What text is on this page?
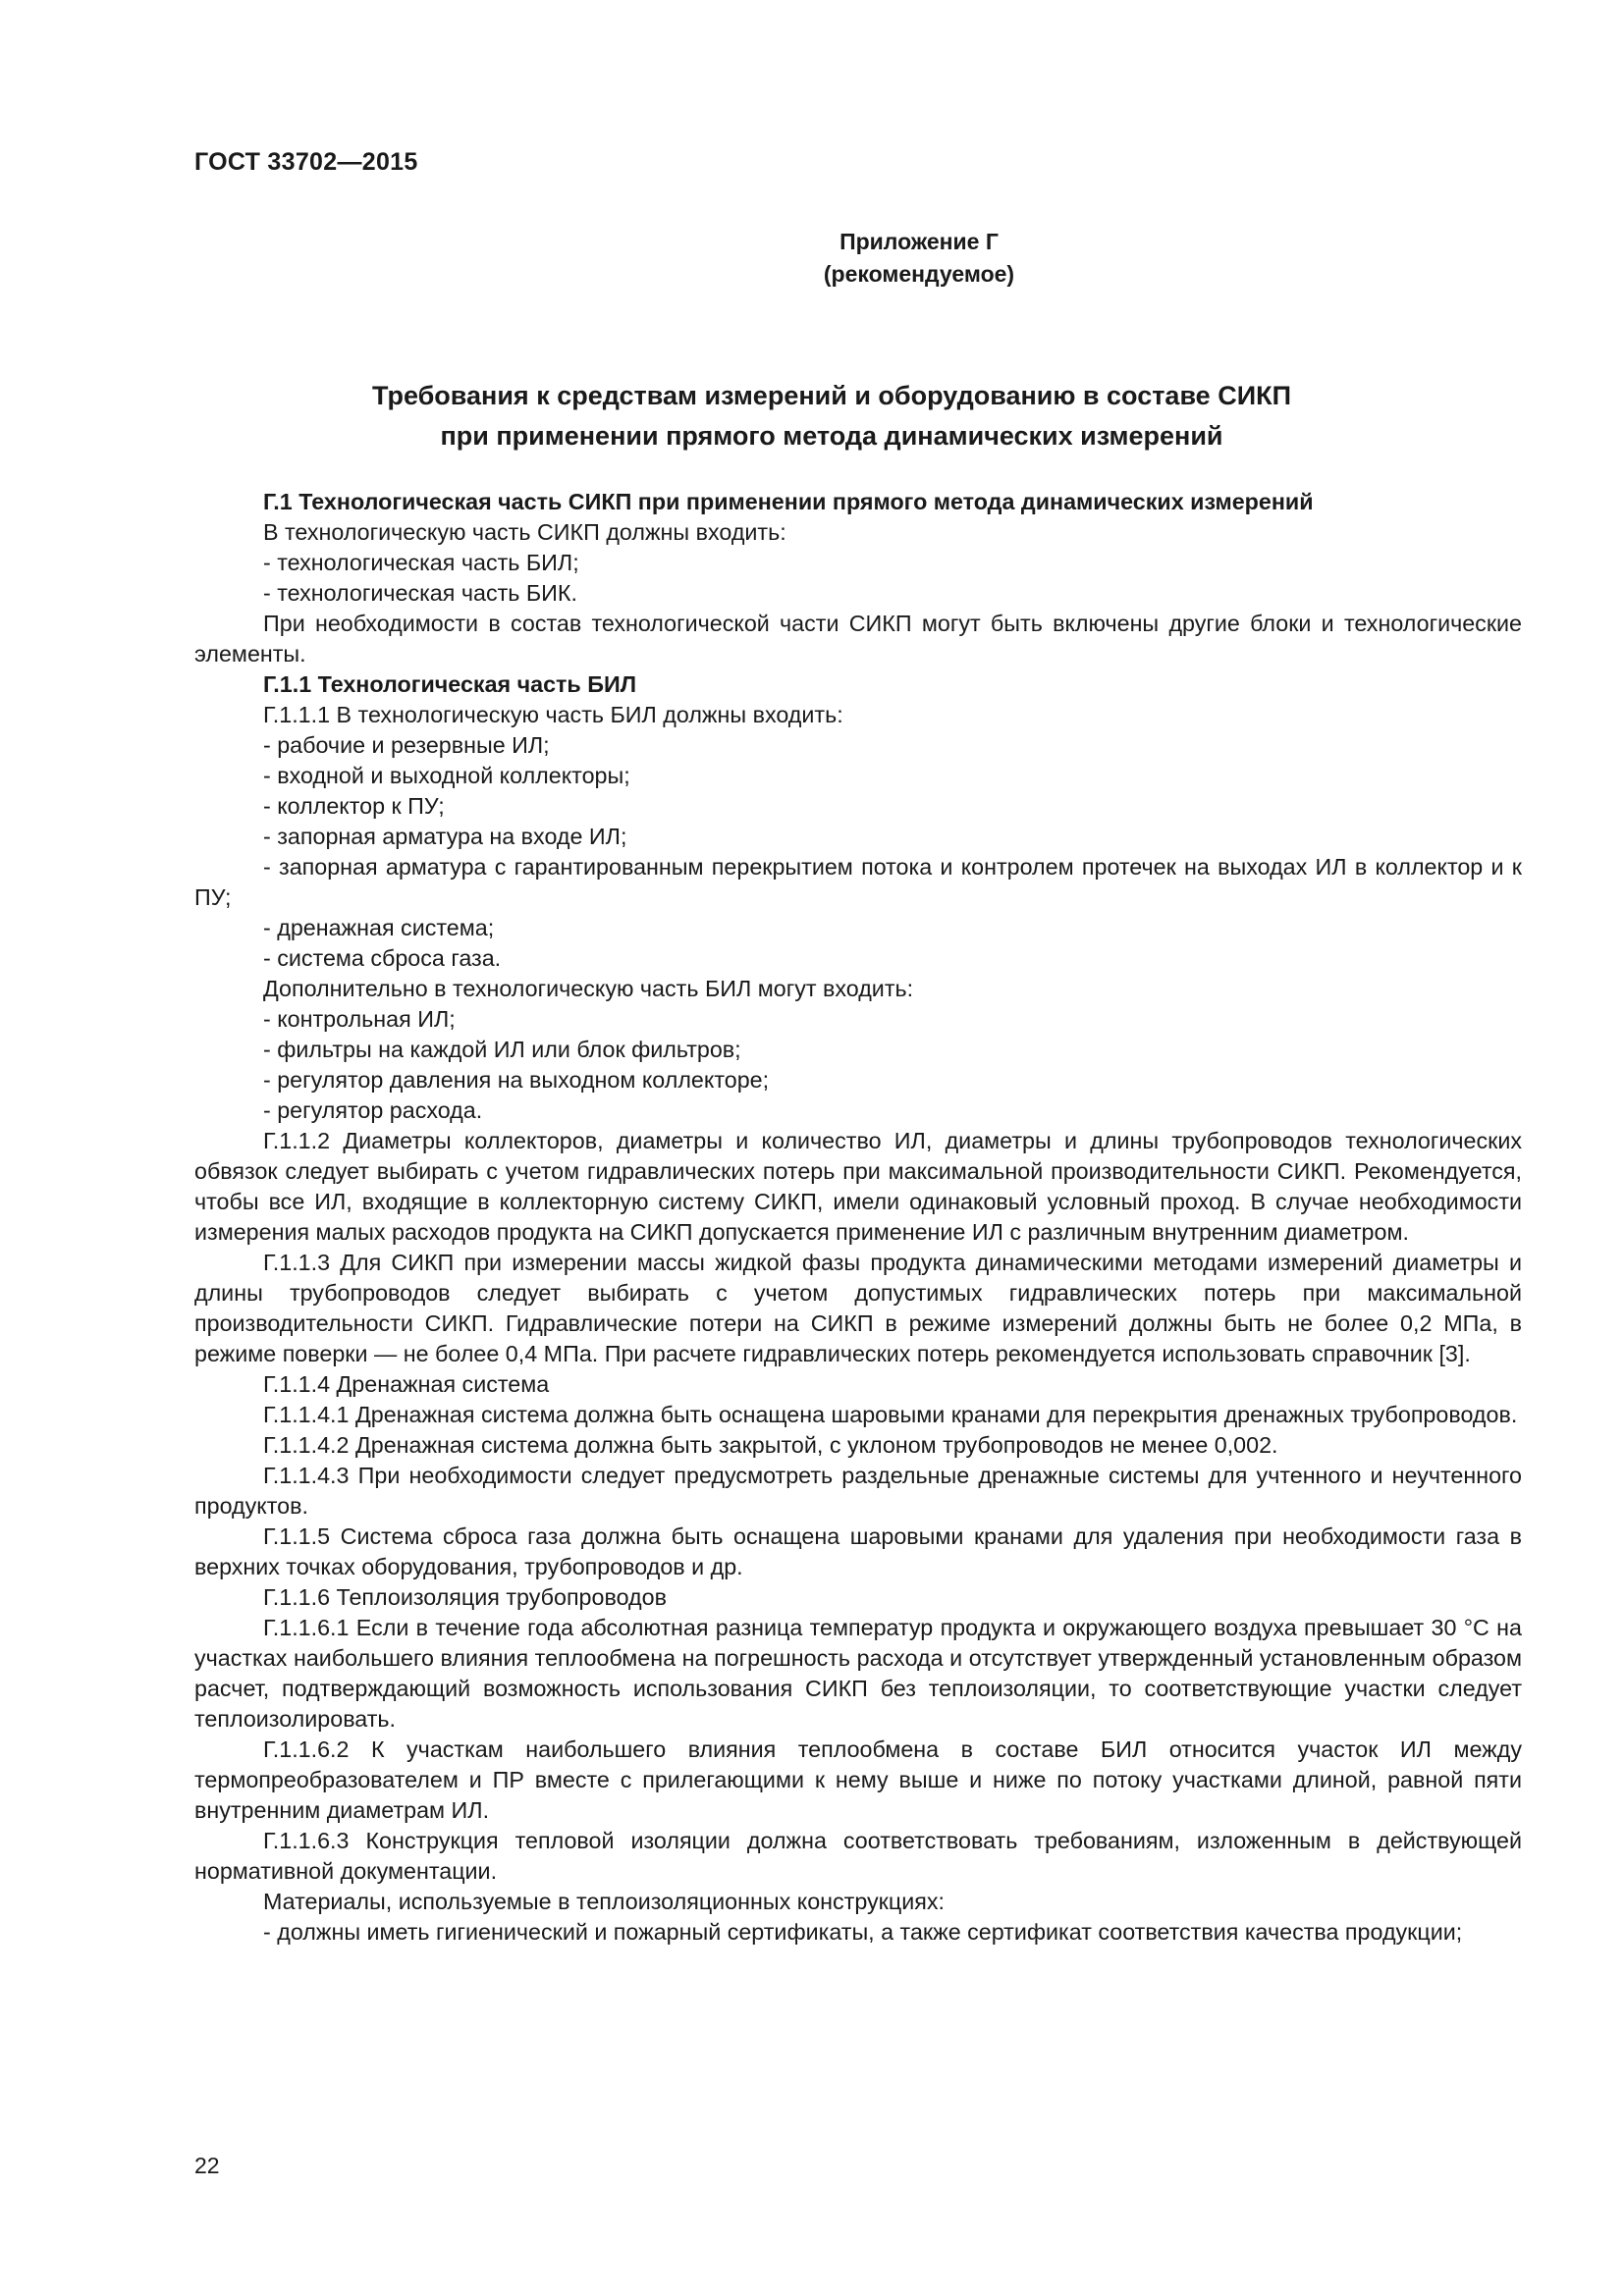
ГОСТ 33702—2015
Приложение Г
(рекомендуемое)
Требования к средствам измерений и оборудованию в составе СИКП
при применении прямого метода динамических измерений

Г.1 Технологическая часть СИКП при применении прямого метода динамических измерений

В технологическую часть СИКП должны входить:

- технологическая часть БИЛ;

- технологическая часть БИК.

При необходимости в состав технологической части СИКП могут быть включены другие блоки и технологические элементы.

Г.1.1 Технологическая часть БИЛ

Г.1.1.1 В технологическую часть БИЛ должны входить:

- рабочие и резервные ИЛ;

- входной и выходной коллекторы;

- коллектор к ПУ;

- запорная арматура на входе ИЛ;

- запорная арматура с гарантированным перекрытием потока и контролем протечек на выходах ИЛ в коллектор и к ПУ;

- дренажная система;

- система сброса газа.

Дополнительно в технологическую часть БИЛ могут входить:

- контрольная ИЛ;

- фильтры на каждой ИЛ или блок фильтров;

- регулятор давления на выходном коллекторе;

- регулятор расхода.

Г.1.1.2 Диаметры коллекторов, диаметры и количество ИЛ, диаметры и длины трубопроводов технологических обвязок следует выбирать с учетом гидравлических потерь при максимальной производительности СИКП. Рекомендуется, чтобы все ИЛ, входящие в коллекторную систему СИКП, имели одинаковый условный проход. В случае необходимости измерения малых расходов продукта на СИКП допускается применение ИЛ с различным внутренним диаметром.

Г.1.1.3 Для СИКП при измерении массы жидкой фазы продукта динамическими методами измерений диаметры и длины трубопроводов следует выбирать с учетом допустимых гидравлических потерь при максимальной производительности СИКП. Гидравлические потери на СИКП в режиме измерений должны быть не более 0,2 МПа, в режиме поверки — не более 0,4 МПа. При расчете гидравлических потерь рекомендуется использовать справочник [3].

Г.1.1.4 Дренажная система

Г.1.1.4.1 Дренажная система должна быть оснащена шаровыми кранами для перекрытия дренажных трубопроводов.

Г.1.1.4.2 Дренажная система должна быть закрытой, с уклоном трубопроводов не менее 0,002.

Г.1.1.4.3 При необходимости следует предусмотреть раздельные дренажные системы для учтенного и неучтенного продуктов.

Г.1.1.5 Система сброса газа должна быть оснащена шаровыми кранами для удаления при необходимости газа в верхних точках оборудования, трубопроводов и др.

Г.1.1.6 Теплоизоляция трубопроводов

Г.1.1.6.1 Если в течение года абсолютная разница температур продукта и окружающего воздуха превышает 30 °С на участках наибольшего влияния теплообмена на погрешность расхода и отсутствует утвержденный установленным образом расчет, подтверждающий возможность использования СИКП без теплоизоляции, то соответствующие участки следует теплоизолировать.

Г.1.1.6.2 К участкам наибольшего влияния теплообмена в составе БИЛ относится участок ИЛ между термопреобразователем и ПР вместе с прилегающими к нему выше и ниже по потоку участками длиной, равной пяти внутренним диаметрам ИЛ.

Г.1.1.6.3 Конструкция тепловой изоляции должна соответствовать требованиям, изложенным в действующей нормативной документации.

Материалы, используемые в теплоизоляционных конструкциях:

- должны иметь гигиенический и пожарный сертификаты, а также сертификат соответствия качества продукции;

22
